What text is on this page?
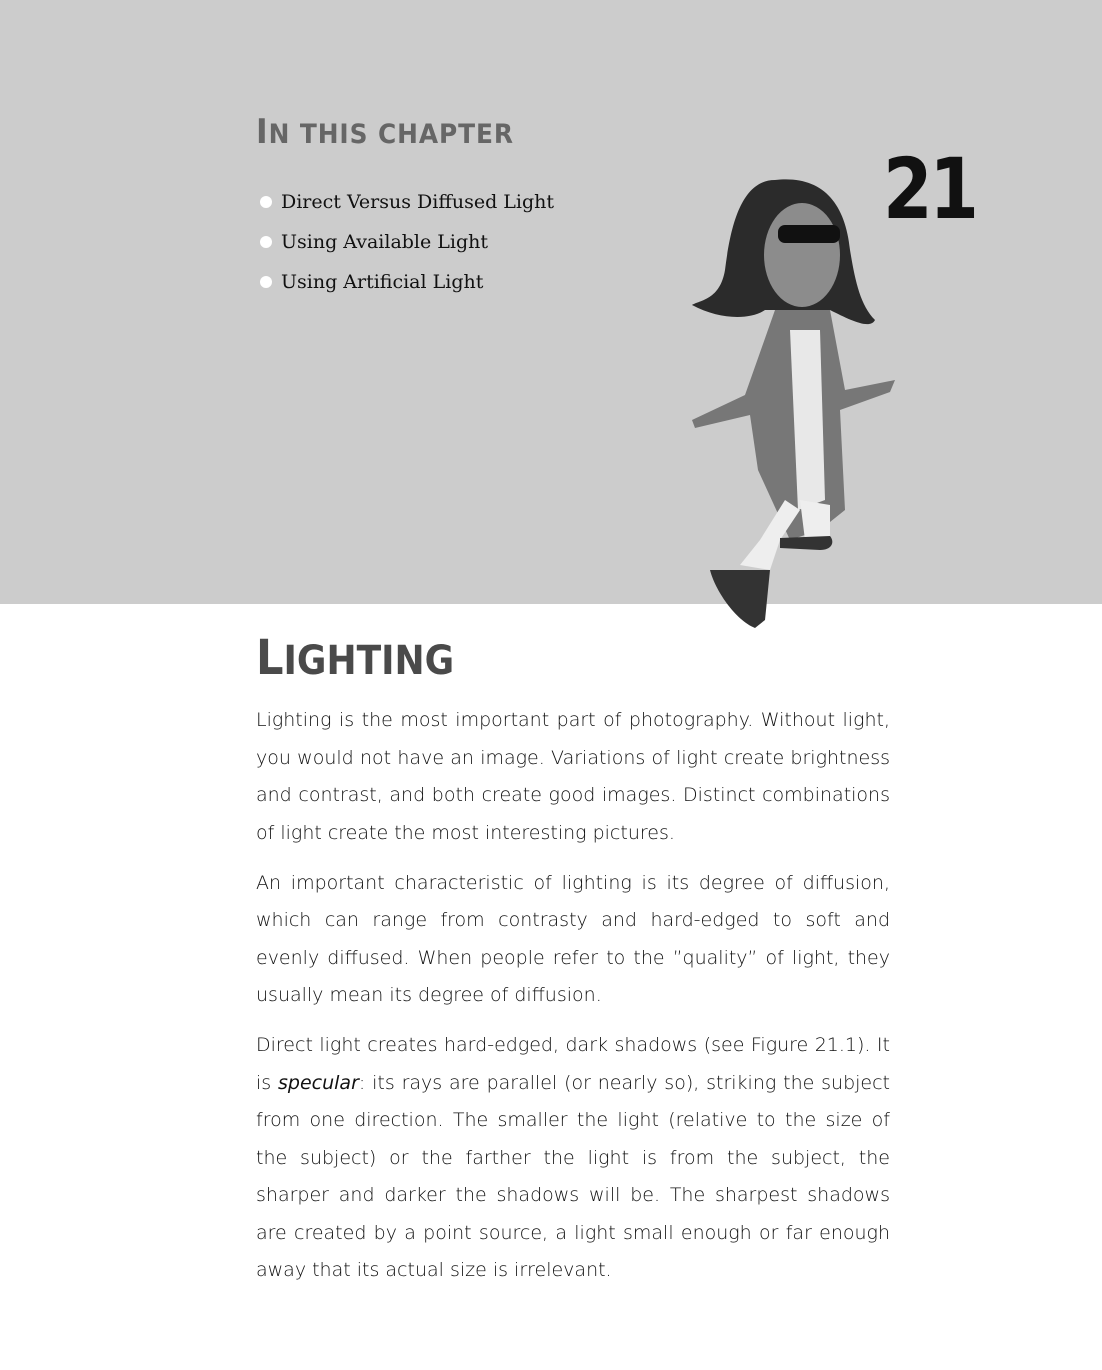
IN THIS CHAPTER
Direct Versus Diffused Light
Using Available Light
Using Artificial Light
21
LIGHTING

Lighting is the most important part of photography. Without light, you would not have an image. Variations of light create brightness and contrast, and both create good images. Distinct combinations of light create the most interesting pictures.

An important characteristic of lighting is its degree of diffusion, which can range from contrasty and hard-edged to soft and evenly diffused. When people refer to the ”quality” of light, they usually mean its degree of diffusion.

Direct light creates hard-edged, dark shadows (see Figure 21.1). It is specular: its rays are parallel (or nearly so), striking the subject from one direction. The smaller the light (relative to the size of the subject) or the farther the light is from the subject, the sharper and darker the shadows will be. The sharpest shadows are created by a point source, a light small enough or far enough away that its actual size is irrelevant.
